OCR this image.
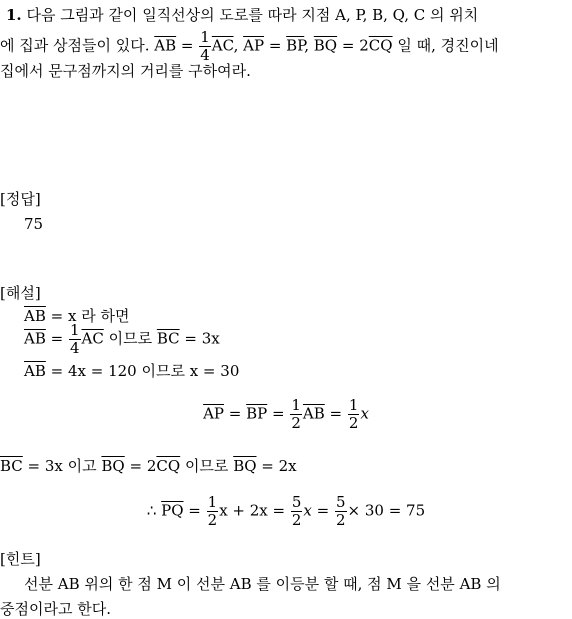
1. 다음 그림과 같이 일직선상의 도로를 따라 지점 A, P, B, Q, C 의 위치
에 집과 상점들이 있다. $\overline{AB} = \frac{1}{4} \overline{AC}$, $\overline{AP} = \overline{BP}$, $\overline{BQ} = 2\overline{CQ}$ 일 때, 경진이네
집에서 문구점까지의 거리를 구하여라.
[정답]
75
[해설]
$\overline{AB} = x$ 라 하면
$\overline{AB} = \frac{1}{4} \overline{AC}$ 이므로 $\overline{BC} = 3x$
$\overline{AB} = 4x = 120$ 이므로 x = 30
$\overline{AP} = \overline{BP} = \frac{1}{2} \overline{AB} = \frac{1}{2}$ x
$\overline{BC} = 3x$ 이고 $\overline{BQ} = 2\overline{CQ}$ 이므로 $\overline{BQ} = 2x$
∴ $\overline{PQ} = \frac{1}{2}$ $x + 2x = \frac{5}{2}$ $x = \frac{5}{2} \times 30 = 75$
[힌트]
선분 AB 위의 한 점 M 이 선분 AB 를 이등분 할 때, 점 M 을 선분 AB 의
중점이라고 한다.
